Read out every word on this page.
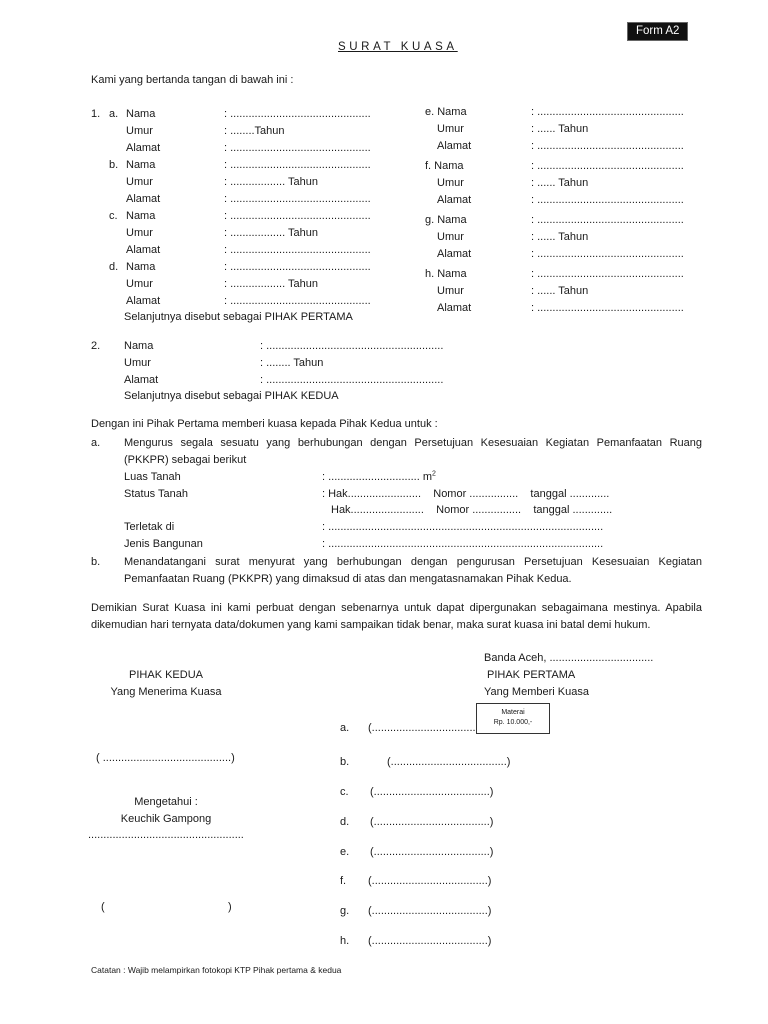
Form A2
SURAT KUASA
Kami yang bertanda tangan di bawah ini :
1. a. Nama	: ..............................................
Umur	: ........Tahun
Alamat	: ..............................................
b. Nama	: ..............................................
Umur	: .................. Tahun
Alamat	: ..............................................
c. Nama	: ..............................................
Umur	: .................. Tahun
Alamat	: ..............................................
d. Nama	: ..............................................
Umur	: .................. Tahun
Alamat	: ..............................................
Selanjutnya disebut sebagai PIHAK PERTAMA
e. Nama	: ................................................
Umur	: ...... Tahun
Alamat	: ................................................
f. Nama	: ................................................
Umur	: ...... Tahun
Alamat	: ................................................
g. Nama	: ................................................
Umur	: ...... Tahun
Alamat	: ................................................
h. Nama	: ................................................
Umur	: ...... Tahun
Alamat	: ................................................
2. Nama	: ..........................................................
Umur	: ........ Tahun
Alamat	: ..........................................................
Selanjutnya disebut sebagai PIHAK KEDUA
Dengan ini Pihak Pertama memberi kuasa kepada Pihak Kedua untuk :
a. Mengurus segala sesuatu yang berhubungan dengan Persetujuan Kesesuaian Kegiatan Pemanfaatan Ruang (PKKPR) sebagai berikut
Luas Tanah	: .............................. $m^2$
Status Tanah	: Hak........................    Nomor ................    tanggal .............
Hak........................    Nomor ................    tanggal .............
Terletak di	: ..........................................................................................
Jenis Bangunan	: ..........................................................................................
b. Menandatangani surat menyurat yang berhubungan dengan pengurusan Persetujuan Kesesuaian Kegiatan Pemanfaatan Ruang (PKKPR) yang dimaksud di atas dan mengatasnamakan Pihak Kedua.
Demikian Surat Kuasa ini kami perbuat dengan sebenarnya untuk dapat dipergunakan sebagaimana mestinya. Apabila dikemudian hari ternyata data/dokumen yang kami sampaikan tidak benar, maka surat kuasa ini batal demi hukum.
Banda Aceh, ..................................
PIHAK KEDUA
Yang Menerima Kuasa
( ..........................................)
PIHAK PERTAMA
Yang Memberi Kuasa
a. (..................................
b.	(......................................)
c. (......................................)
d. (......................................)
e. (......................................)
f. (......................................)
g. (......................................)
h. (......................................)
Materai
Rp. 10.000,-
Mengetahui :
Keuchik Gampong
...................................................
(	)
Catatan : Wajib melampirkan fotokopi KTP Pihak pertama & kedua
